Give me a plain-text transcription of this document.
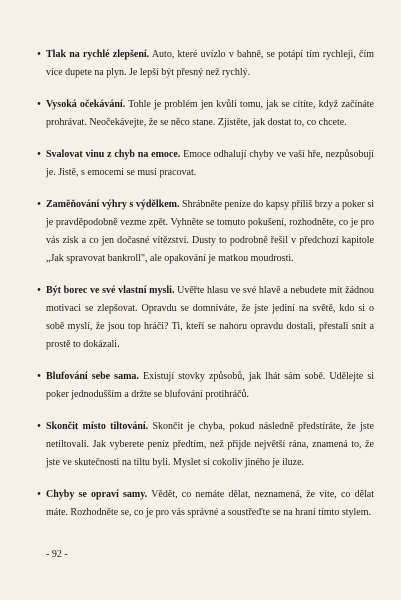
• Tlak na rychlé zlepšení. Auto, které uvízlo v bahně, se potápí tím rychleji, čím více dupete na plyn. Je lepší být přesný než rychlý.

• Vysoká očekávání. Tohle je problém jen kvůli tomu, jak se cítíte, když začínáte prohrávat. Neočekávejte, že se něco stane. Zjistěte, jak dostat to, co chcete.

• Svalovat vinu z chyb na emoce. Emoce odhalují chyby ve vaší hře, nezpůsobují je. Jistě, s emocemi se musí pracovat.

• Zaměňování výhry s výdělkem. Shrábněte peníze do kapsy příliš brzy a poker si je pravděpodobně vezme zpět. Vyhněte se tomuto pokušení, rozhodněte, co je pro vás zisk a co jen dočasné vítězství. Dusty to podrobně řešil v předchozí kapitole „Jak spravovat bankroll", ale opakování je matkou moudrosti.

• Být borec ve své vlastní mysli. Uvěřte hlasu ve své hlavě a nebudete mít žádnou motivaci se zlepšovat. Opravdu se domníváte, že jste jediní na světě, kdo si o sobě myslí, že jsou top hráči? Ti, kteří se nahoru opravdu dostali, přestali snít a prostě to dokázali.

• Blufování sebe sama. Existují stovky způsobů, jak lhát sám sobě. Udělejte si poker jednodušším a držte se blufování protihráčů.

• Skončit místo tiltování. Skončit je chyba, pokud následně předstíráte, že jste netiltovali. Jak vyberete peníz předtím, než přijde největší rána, znamená to, že jste ve skutečnosti na tiltu byli. Myslet si cokoliv jiného je iluze.

• Chyby se opraví samy. Vědět, co nemáte dělat, neznamená, že víte, co dělat máte. Rozhodněte se, co je pro vás správné a soustřeďte se na hraní tímto stylem.

- 92 -
